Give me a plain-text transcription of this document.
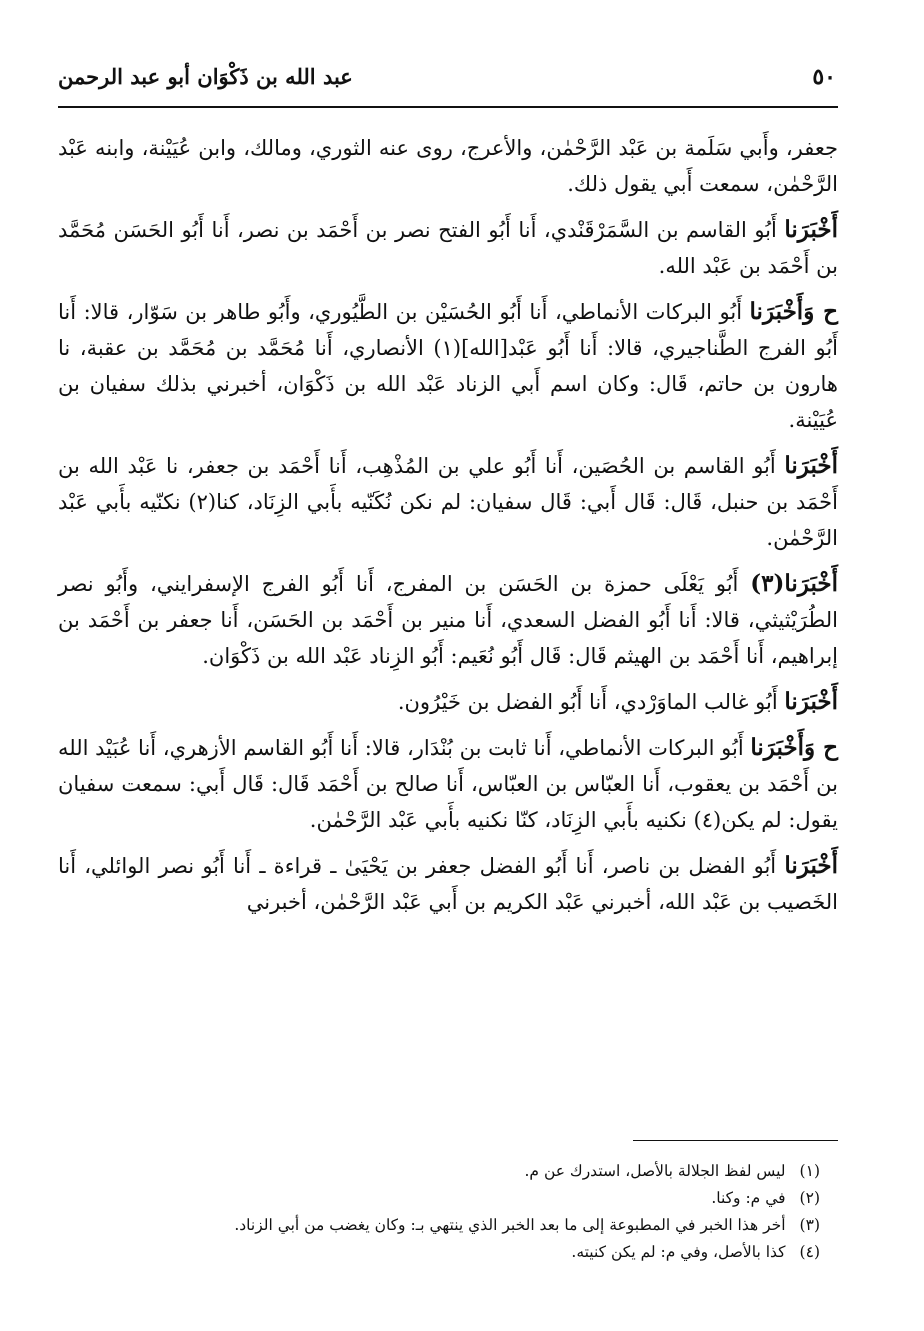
٥٠
عبد الله بن ذَكْوَان أبو عبد الرحمن

جعفر، وأَبي سَلَمة بن عَبْد الرَّحْمٰن، والأعرج، روى عنه الثوري، ومالك، وابن عُيَيْنة، وابنه عَبْد الرَّحْمٰن، سمعت أَبي يقول ذلك.

أَخْبَرَنا أَبُو القاسم بن السَّمَرْقَنْدي، أَنا أَبُو الفتح نصر بن أَحْمَد بن نصر، أَنا أَبُو الحَسَن مُحَمَّد بن أَحْمَد بن عَبْد الله.

ح وَأَخْبَرَنا أَبُو البركات الأنماطي، أَنا أَبُو الحُسَيْن بن الطَّيُوري، وأَبُو طاهر بن سَوّار، قالا: أَنا أَبُو الفرج الطَّناجيري، قالا: أَنا أَبُو عَبْد[الله](١) الأنصاري، أَنا مُحَمَّد بن مُحَمَّد بن عقبة، نا هارون بن حاتم، قَال: وكان اسم أَبي الزناد عَبْد الله بن ذَكْوَان، أخبرني بذلك سفيان بن عُيَيْنة.

أَخْبَرَنا أَبُو القاسم بن الحُصَين، أَنا أَبُو علي بن المُذْهِب، أَنا أَحْمَد بن جعفر، نا عَبْد الله بن أَحْمَد بن حنبل، قَال: قَال أَبي: قَال سفيان: لم نكن نُكَنّيه بأَبي الزِنَاد، كنا(٢) نكنّيه بأَبي عَبْد الرَّحْمٰن.

أَخْبَرَنا(٣) أَبُو يَعْلَى حمزة بن الحَسَن بن المفرج، أَنا أَبُو الفرج الإسفرايني، وأَبُو نصر الطُرَيْثيثي، قالا: أَنا أَبُو الفضل السعدي، أَنا منير بن أَحْمَد بن الحَسَن، أَنا جعفر بن أَحْمَد بن إبراهيم، أَنا أَحْمَد بن الهيثم قَال: قَال أَبُو نُعَيم: أَبُو الزِناد عَبْد الله بن ذَكْوَان.

أَخْبَرَنا أَبُو غالب الماوَرْدي، أَنا أَبُو الفضل بن خَيْرُون.

ح وَأَخْبَرَنا أَبُو البركات الأنماطي، أَنا ثابت بن بُنْدَار، قالا: أَنا أَبُو القاسم الأزهري، أَنا عُبَيْد الله بن أَحْمَد بن يعقوب، أَنا العبّاس بن العبّاس، أَنا صالح بن أَحْمَد قَال: قَال أَبي: سمعت سفيان يقول: لم يكن(٤) نكنيه بأَبي الزِنَاد، كنّا نكنيه بأَبي عَبْد الرَّحْمٰن.

أَخْبَرَنا أَبُو الفضل بن ناصر، أَنا أَبُو الفضل جعفر بن يَحْيَىٰ ـ قراءة ـ أَنا أَبُو نصر الوائلي، أَنا الخَصيب بن عَبْد الله، أخبرني عَبْد الكريم بن أَبي عَبْد الرَّحْمٰن، أخبرني

(١)
ليس لفظ الجلالة بالأصل، استدرك عن م.
(٢)
في م: وكنا.
(٣)
أخر هذا الخبر في المطبوعة إلى ما بعد الخبر الذي ينتهي بـ: وكان يغضب من أبي الزناد.
(٤)
كذا بالأصل، وفي م: لم يكن كنيته.
